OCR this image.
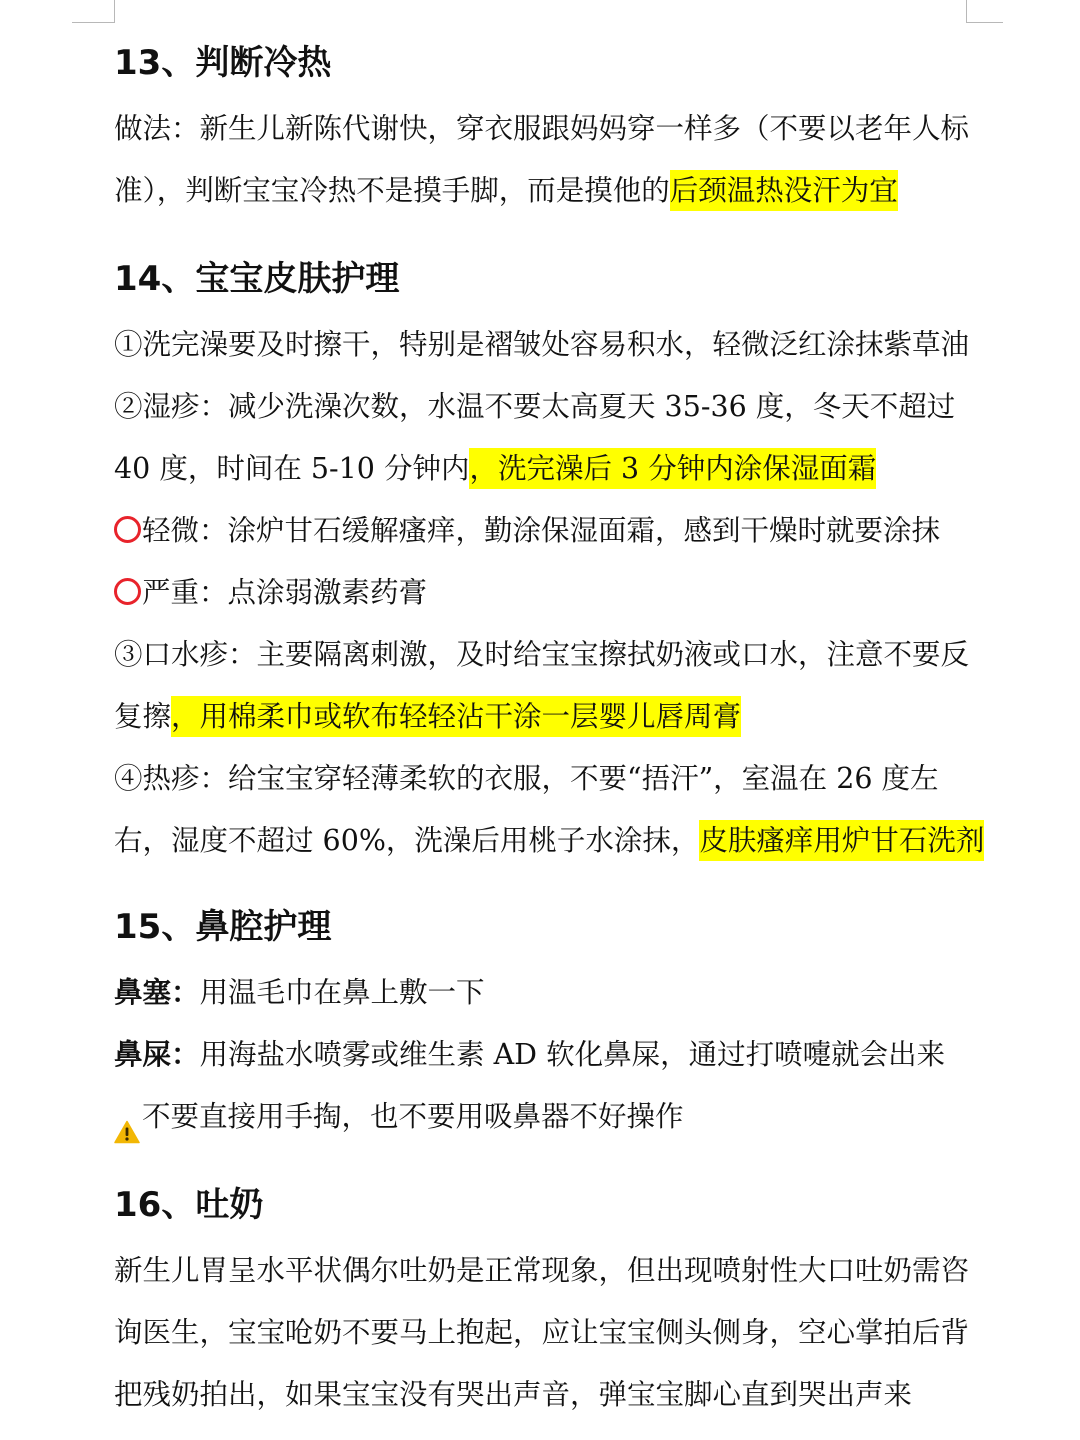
13、判断冷热
做法：新生儿新陈代谢快，穿衣服跟妈妈穿一样多（不要以老年人标
准），判断宝宝冷热不是摸手脚，而是摸他的后颈温热没汗为宜
14、宝宝皮肤护理
①洗完澡要及时擦干，特别是褶皱处容易积水，轻微泛红涂抹紫草油
②湿疹：减少洗澡次数，水温不要太高夏天 35-36 度，冬天不超过
40 度，时间在 5-10 分钟内，洗完澡后 3 分钟内涂保湿面霜
轻微：涂炉甘石缓解瘙痒，勤涂保湿面霜，感到干燥时就要涂抹
严重：点涂弱激素药膏
③口水疹：主要隔离刺激，及时给宝宝擦拭奶液或口水，注意不要反
复擦，用棉柔巾或软布轻轻沾干涂一层婴儿唇周膏
④热疹：给宝宝穿轻薄柔软的衣服，不要“捂汗”，室温在 26 度左
右，湿度不超过 60%，洗澡后用桃子水涂抹，皮肤瘙痒用炉甘石洗剂
15、鼻腔护理
鼻塞：用温毛巾在鼻上敷一下
鼻屎：用海盐水喷雾或维生素 AD 软化鼻屎，通过打喷嚏就会出来
不要直接用手掏，也不要用吸鼻器不好操作
16、吐奶
新生儿胃呈水平状偶尔吐奶是正常现象，但出现喷射性大口吐奶需咨
询医生，宝宝呛奶不要马上抱起，应让宝宝侧头侧身，空心掌拍后背
把残奶拍出，如果宝宝没有哭出声音，弹宝宝脚心直到哭出声来
